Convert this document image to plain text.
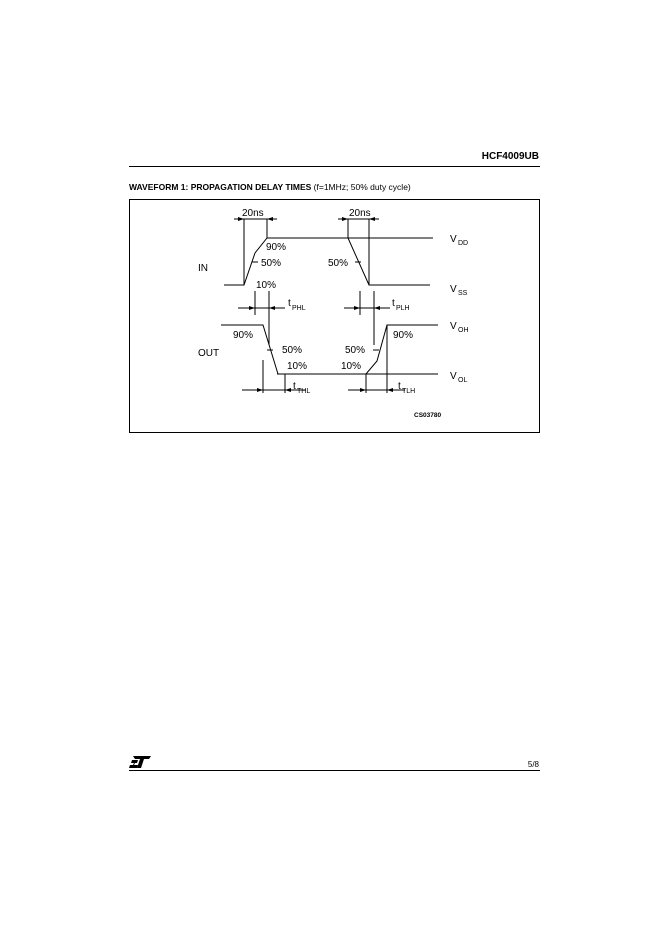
HCF4009UB
WAVEFORM 1: PROPAGATION DELAY TIMES (f=1MHz; 50% duty cycle)
20ns	20ns
IN
OUT
90%
50%
10%
50%
90%
50%
10%
50%
10%
90%
V DD
V SS
V OH
V OL
t PHL	t PLH
t THL	t TLH
CS03780
5/8
